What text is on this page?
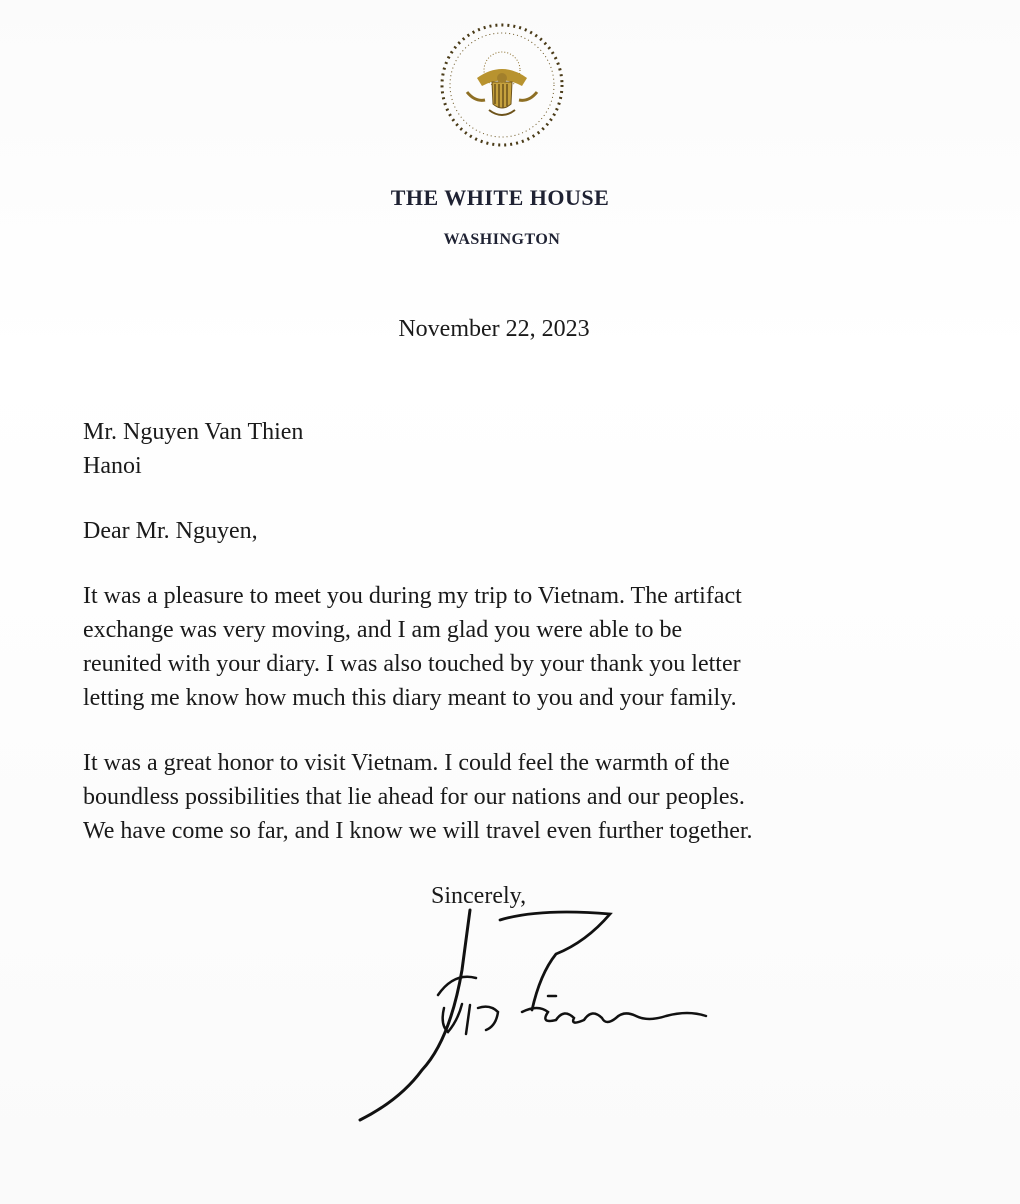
THE WHITE HOUSE
WASHINGTON
November 22, 2023
Mr. Nguyen Van Thien
Hanoi
Dear Mr. Nguyen,
It was a pleasure to meet you during my trip to Vietnam. The artifact
exchange was very moving, and I am glad you were able to be
reunited with your diary. I was also touched by your thank you letter
letting me know how much this diary meant to you and your family.
It was a great honor to visit Vietnam. I could feel the warmth of the
boundless possibilities that lie ahead for our nations and our peoples.
We have come so far, and I know we will travel even further together.
Sincerely,
